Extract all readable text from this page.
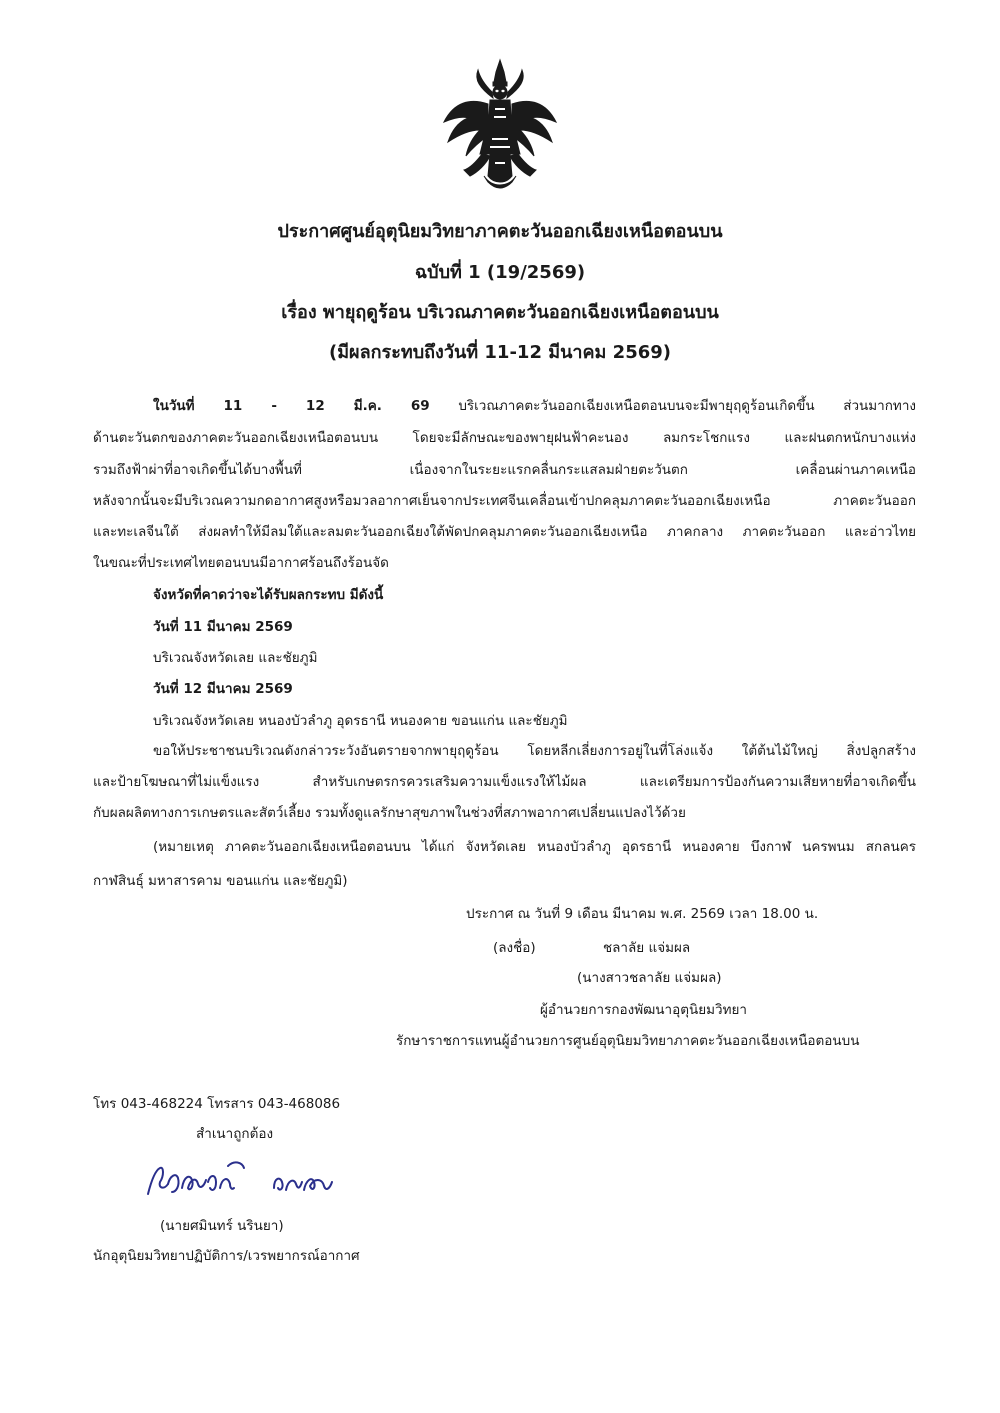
ประกาศศูนย์อุตุนิยมวิทยาภาคตะวันออกเฉียงเหนือตอนบน
ฉบับที่ 1 (19/2569)
เรื่อง พายุฤดูร้อน บริเวณภาคตะวันออกเฉียงเหนือตอนบน
(มีผลกระทบถึงวันที่ 11-12 มีนาคม 2569)
ในวันที่ 11 - 12 มี.ค. 69 บริเวณภาคตะวันออกเฉียงเหนือตอนบนจะมีพายุฤดูร้อนเกิดขึ้น ส่วนมากทาง
ด้านตะวันตกของภาคตะวันออกเฉียงเหนือตอนบน โดยจะมีลักษณะของพายุฝนฟ้าคะนอง ลมกระโชกแรง และฝนตกหนักบางแห่ง
รวมถึงฟ้าผ่าที่อาจเกิดขึ้นได้บางพื้นที่ เนื่องจากในระยะแรกคลื่นกระแสลมฝ่ายตะวันตก เคลื่อนผ่านภาคเหนือ
หลังจากนั้นจะมีบริเวณความกดอากาศสูงหรือมวลอากาศเย็นจากประเทศจีนเคลื่อนเข้าปกคลุมภาคตะวันออกเฉียงเหนือ ภาคตะวันออก
และทะเลจีนใต้ ส่งผลทำให้มีลมใต้และลมตะวันออกเฉียงใต้พัดปกคลุมภาคตะวันออกเฉียงเหนือ ภาคกลาง ภาคตะวันออก และอ่าวไทย
ในขณะที่ประเทศไทยตอนบนมีอากาศร้อนถึงร้อนจัด
จังหวัดที่คาดว่าจะได้รับผลกระทบ มีดังนี้
วันที่ 11 มีนาคม 2569
บริเวณจังหวัดเลย และชัยภูมิ
วันที่ 12 มีนาคม 2569
บริเวณจังหวัดเลย หนองบัวลำภู อุดรธานี หนองคาย ขอนแก่น และชัยภูมิ
ขอให้ประชาชนบริเวณดังกล่าวระวังอันตรายจากพายุฤดูร้อน โดยหลีกเลี่ยงการอยู่ในที่โล่งแจ้ง ใต้ต้นไม้ใหญ่ สิ่งปลูกสร้าง
และป้ายโฆษณาที่ไม่แข็งแรง สำหรับเกษตรกรควรเสริมความแข็งแรงให้ไม้ผล และเตรียมการป้องกันความเสียหายที่อาจเกิดขึ้น
กับผลผลิตทางการเกษตรและสัตว์เลี้ยง รวมทั้งดูแลรักษาสุขภาพในช่วงที่สภาพอากาศเปลี่ยนแปลงไว้ด้วย
(หมายเหตุ ภาคตะวันออกเฉียงเหนือตอนบน ได้แก่ จังหวัดเลย หนองบัวลำภู อุดรธานี หนองคาย บึงกาฬ นครพนม สกลนคร
กาฬสินธุ์ มหาสารคาม ขอนแก่น และชัยภูมิ)
ประกาศ ณ วันที่ 9 เดือน มีนาคม พ.ศ. 2569 เวลา 18.00 น.
(ลงชื่อ)	ชลาลัย แจ่มผล
(นางสาวชลาลัย แจ่มผล)
ผู้อำนวยการกองพัฒนาอุตุนิยมวิทยา
รักษาราชการแทนผู้อำนวยการศูนย์อุตุนิยมวิทยาภาคตะวันออกเฉียงเหนือตอนบน
โทร 043-468224 โทรสาร 043-468086
สำเนาถูกต้อง
(นายศมินทร์ นรินยา)
นักอุตุนิยมวิทยาปฏิบัติการ/เวรพยากรณ์อากาศ
